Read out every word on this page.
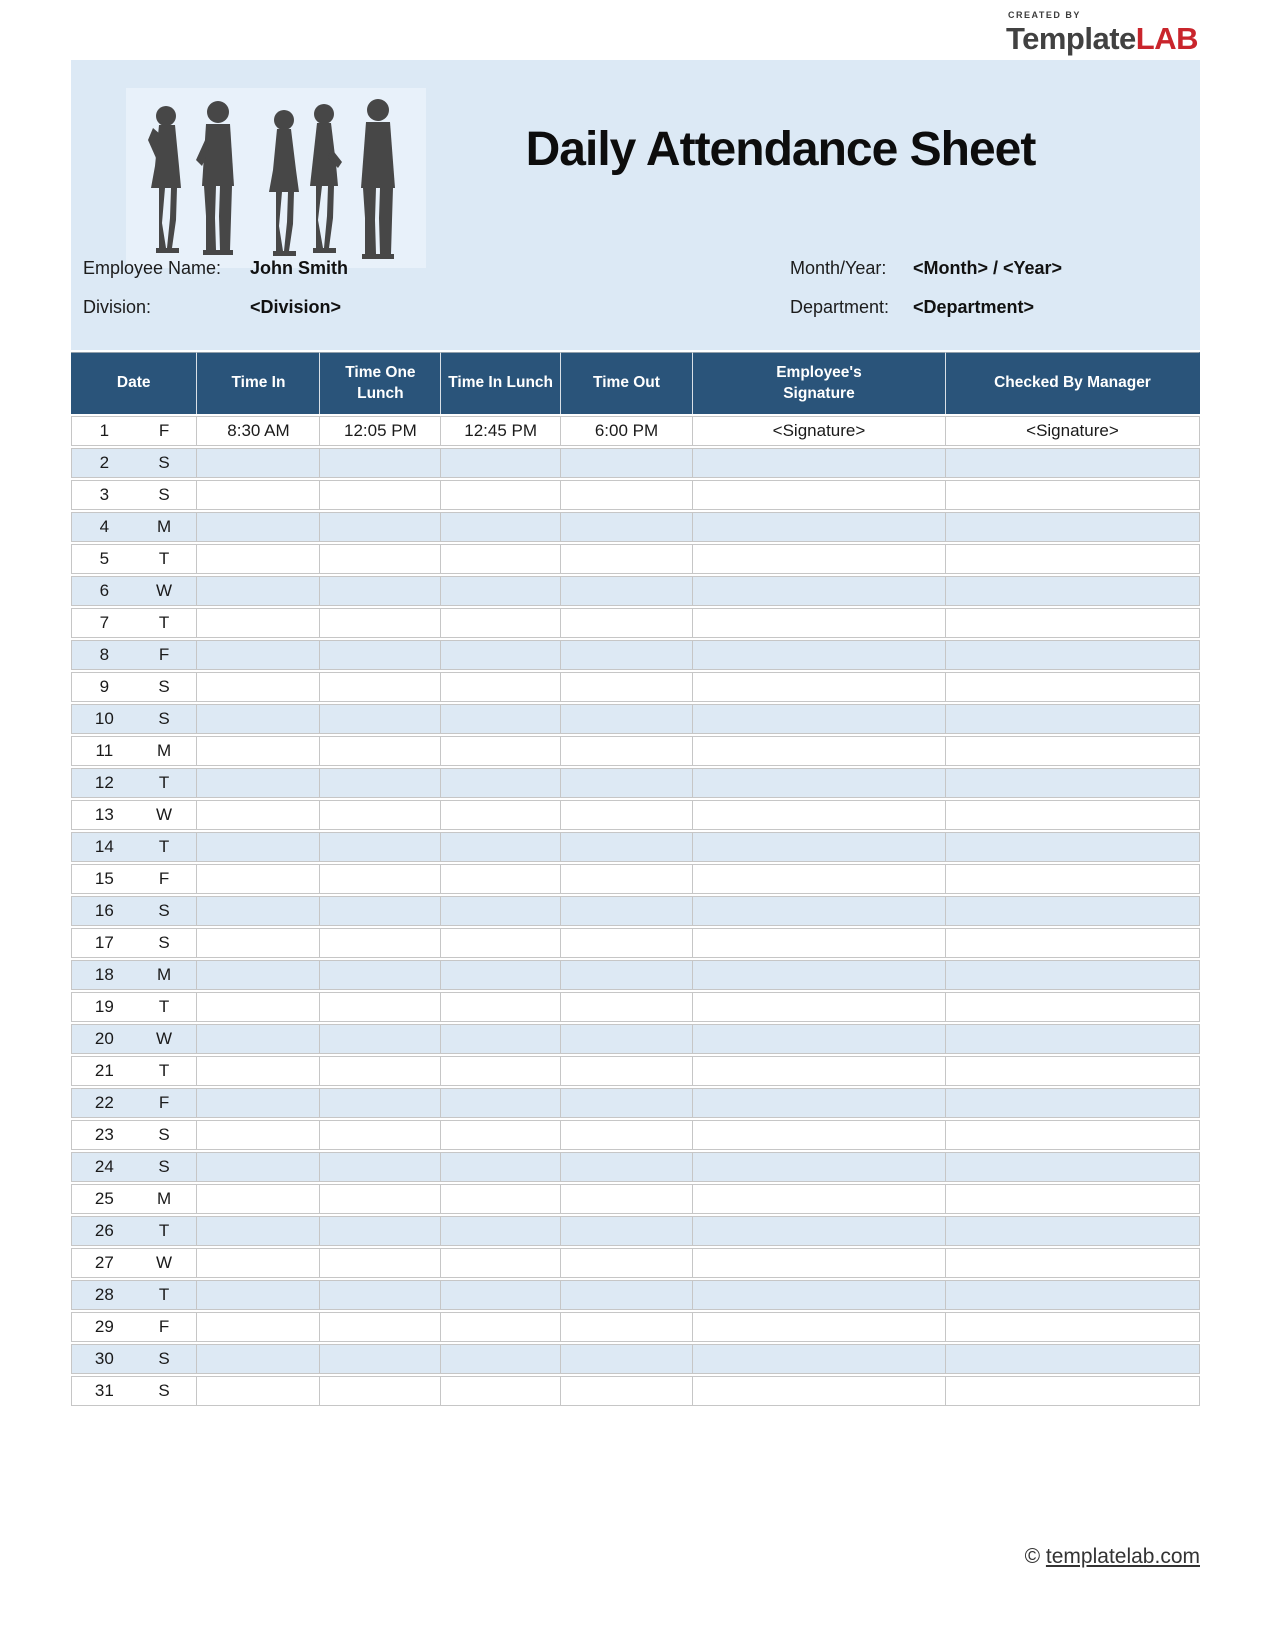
CREATED BY
TemplateLAB
Daily Attendance Sheet
Employee Name:	John Smith	Month/Year:	<Month> / <Year>
Division:	<Division>	Department:	<Department>
Date	Time In	Time One Lunch	Time In Lunch	Time Out	Employee's Signature	Checked By Manager
1 F	8:30 AM	12:05 PM	12:45 PM	6:00 PM	<Signature>	<Signature>
2 S						
3 S						
4 M						
5 T						
6 W						
7 T						
8 F						
9 S						
10 S						
11 M						
12 T						
13 W						
14 T						
15 F						
16 S						
17 S						
18 M						
19 T						
20 W						
21 T						
22 F						
23 S						
24 S						
25 M						
26 T						
27 W						
28 T						
29 F						
30 S						
31 S						
© templatelab.com
